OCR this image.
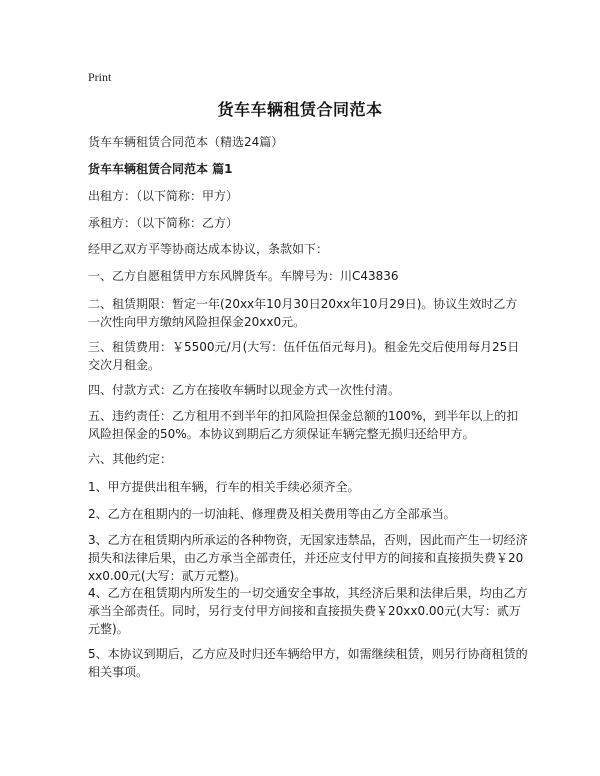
Print
货车车辆租赁合同范本
货车车辆租赁合同范本（精选24篇）
货车车辆租赁合同范本 篇1
出租方：（以下简称：甲方）
承租方：（以下简称：乙方）
经甲乙双方平等协商达成本协议，条款如下：
一、乙方自愿租赁甲方东风牌货车。车牌号为：川C43836
二、租赁期限：暂定一年(20xx年10月30日20xx年10月29日)。协议生效时乙方一次性向甲方缴纳风险担保金20xx0元。
三、租赁费用：￥5500元/月(大写：伍仟伍佰元每月)。租金先交后使用每月25日交次月租金。
四、付款方式：乙方在接收车辆时以现金方式一次性付清。
五、违约责任：乙方租用不到半年的扣风险担保金总额的100%，到半年以上的扣风险担保金的50%。本协议到期后乙方须保证车辆完整无损归还给甲方。
六、其他约定：
1、甲方提供出租车辆，行车的相关手续必须齐全。
2、乙方在租期内的一切油耗、修理费及相关费用等由乙方全部承当。
3、乙方在租赁期内所承运的各种物资，无国家违禁品，否则，因此而产生一切经济损失和法律后果，由乙方承当全部责任，并还应支付甲方的间接和直接损失费￥20xx0.00元(大写：贰万元整)。
4、乙方在租赁期内所发生的一切交通安全事故，其经济后果和法律后果，均由乙方承当全部责任。同时，另行支付甲方间接和直接损失费￥20xx0.00元(大写：贰万元整)。
5、本协议到期后，乙方应及时归还车辆给甲方，如需继续租赁，则另行协商租赁的相关事项。
